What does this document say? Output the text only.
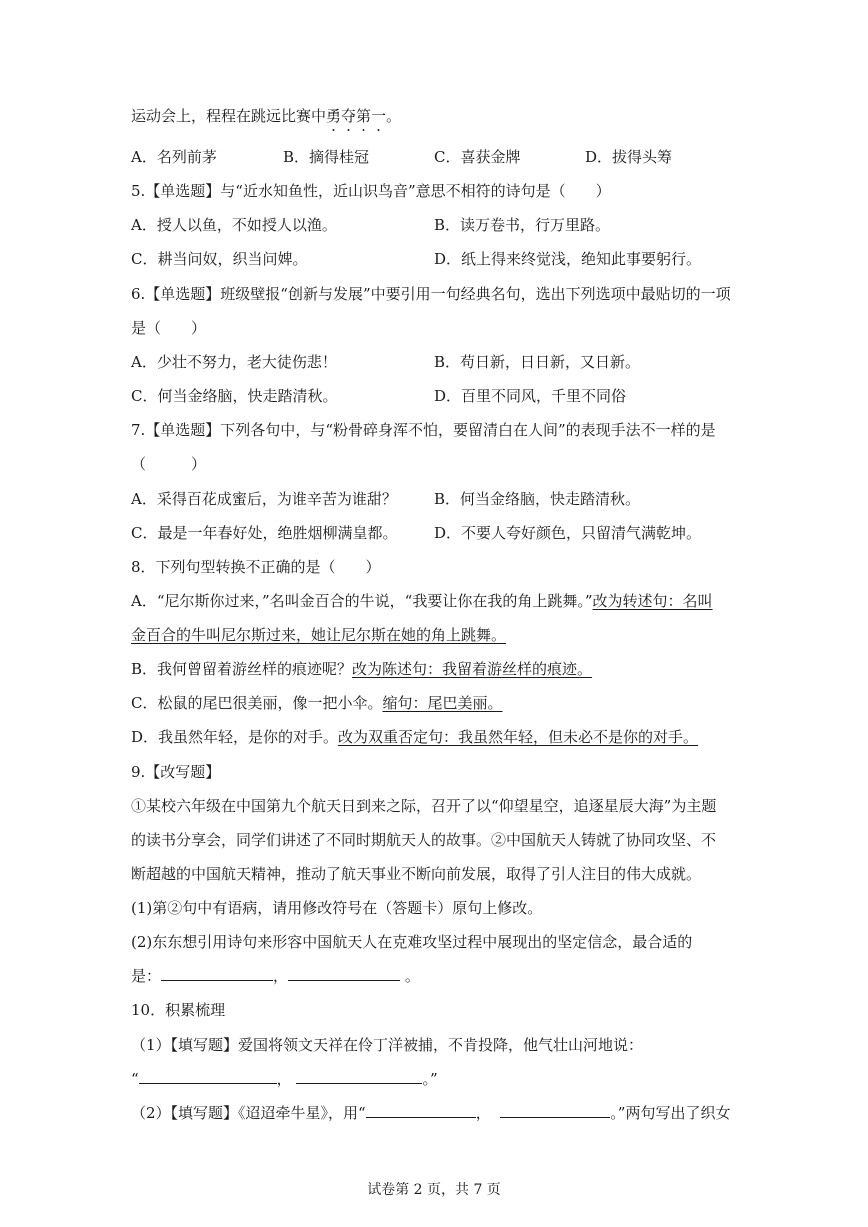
运动会上，程程在跳远比赛中勇夺第一。
A．名列前茅	B．摘得桂冠	C．喜获金牌	D．拔得头筹
5.【单选题】与“近水知鱼性，近山识鸟音”意思不相符的诗句是（　　）
A．授人以鱼，不如授人以渔。	B．读万卷书，行万里路。
C．耕当问奴，织当问婢。	D．纸上得来终觉浅，绝知此事要躬行。
6.【单选题】班级壁报“创新与发展”中要引用一句经典名句，选出下列选项中最贴切的一项
是（　　）
A．少壮不努力，老大徒伤悲！	B．苟日新，日日新，又日新。
C．何当金络脑，快走踏清秋。	D．百里不同风，千里不同俗
7.【单选题】下列各句中，与“粉骨碎身浑不怕，要留清白在人间”的表现手法不一样的是
（　　　）
A．采得百花成蜜后，为谁辛苦为谁甜？ B．何当金络脑，快走踏清秋。
C．最是一年春好处，绝胜烟柳满皇都。 D．不要人夸好颜色，只留清气满乾坤。
8．下列句型转换不正确的是（　　）
A．“尼尔斯你过来，”名叫金百合的牛说，“我要让你在我的角上跳舞。”改为转述句：名叫
金百合的牛叫尼尔斯过来，她让尼尔斯在她的角上跳舞。
B．我何曾留着游丝样的痕迹呢？改为陈述句：我留着游丝样的痕迹。
C．松鼠的尾巴很美丽，像一把小伞。缩句：尾巴美丽。
D．我虽然年轻，是你的对手。改为双重否定句：我虽然年轻，但未必不是你的对手。
9.【改写题】
①某校六年级在中国第九个航天日到来之际，召开了以“仰望星空，追逐星辰大海”为主题
的读书分享会，同学们讲述了不同时期航天人的故事。②中国航天人铸就了协同攻坚、不
断超越的中国航天精神，推动了航天事业不断向前发展，取得了引人注目的伟大成就。
(1)第②句中有语病，请用修改符号在（答题卡）原句上修改。
(2)东东想引用诗句来形容中国航天人在克难攻坚过程中展现出的坚定信念，最合适的
是：	，	。
10．积累梳理
（1）【填写题】爱国将领文天祥在伶丁洋被捕，不肯投降，他气壮山河地说：
“	，	。”
（2）【填写题】《迢迢牵牛星》，用“	，	。”两句写出了织女
试卷第 2 页，共 7 页
